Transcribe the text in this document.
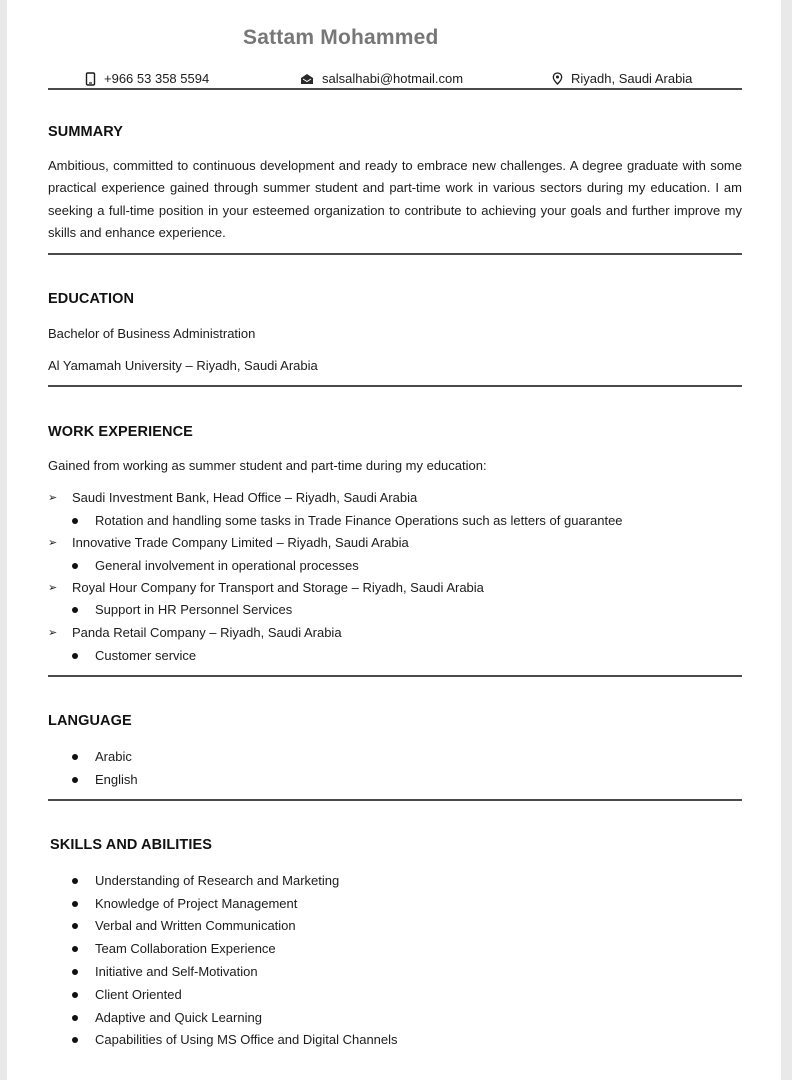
Sattam Mohammed
+966 53 358 5594	salsalhabi@hotmail.com	Riyadh, Saudi Arabia
SUMMARY

Ambitious, committed to continuous development and ready to embrace new challenges. A degree graduate with some practical experience gained through summer student and part-time work in various sectors during my education. I am seeking a full-time position in your esteemed organization to contribute to achieving your goals and further improve my skills and enhance experience.

EDUCATION

Bachelor of Business Administration

Al Yamamah University – Riyadh, Saudi Arabia

WORK EXPERIENCE

Gained from working as summer student and part-time during my education:

➢	Saudi Investment Bank, Head Office – Riyadh, Saudi Arabia
Rotation and handling some tasks in Trade Finance Operations such as letters of guarantee
➢	Innovative Trade Company Limited – Riyadh, Saudi Arabia
General involvement in operational processes
➢	Royal Hour Company for Transport and Storage – Riyadh, Saudi Arabia
Support in HR Personnel Services
➢	Panda Retail Company – Riyadh, Saudi Arabia
Customer service
LANGUAGE
Arabic
English
SKILLS AND ABILITIES
Understanding of Research and Marketing
Knowledge of Project Management
Verbal and Written Communication
Team Collaboration Experience
Initiative and Self-Motivation
Client Oriented
Adaptive and Quick Learning
Capabilities of Using MS Office and Digital Channels
